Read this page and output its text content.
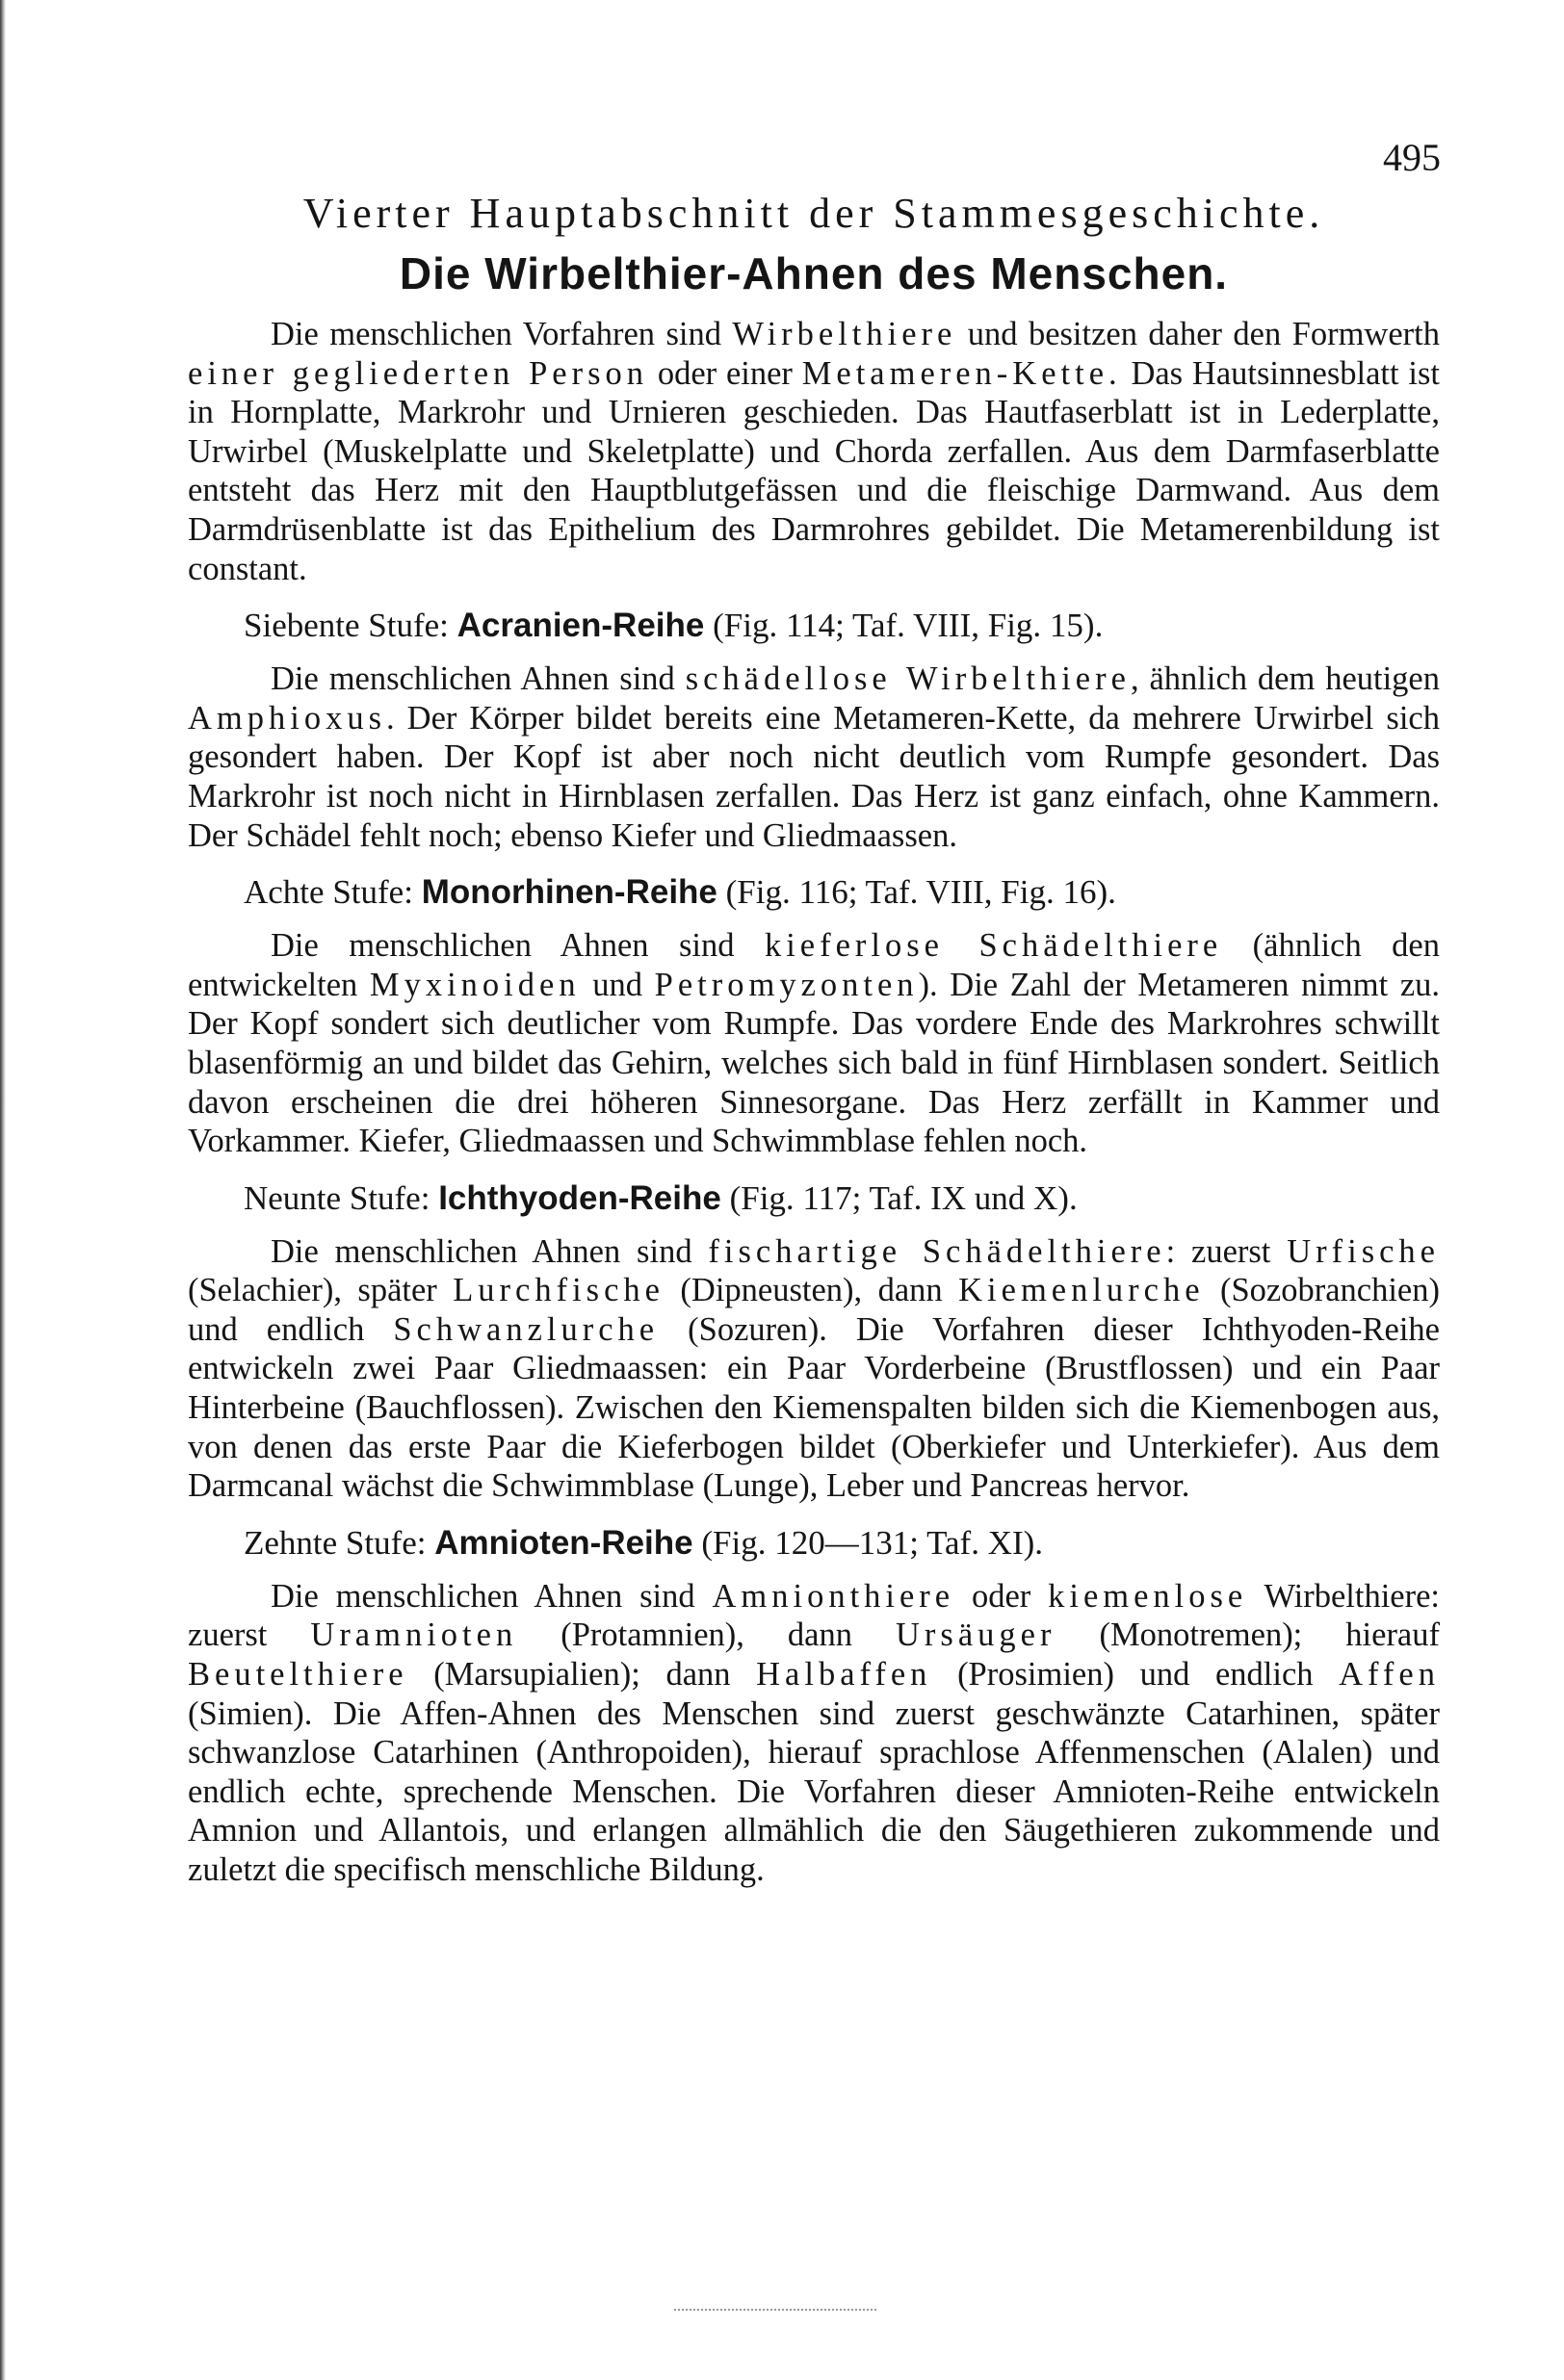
495
Vierter Hauptabschnitt der Stammesgeschichte.
Die Wirbelthier-Ahnen des Menschen.

Die menschlichen Vorfahren sind Wirbelthiere und besitzen daher den Formwerth einer gegliederten Person oder einer Metameren-Kette. Das Hautsinnesblatt ist in Hornplatte, Markrohr und Urnieren geschieden. Das Hautfaserblatt ist in Lederplatte, Urwirbel (Muskelplatte und Skeletplatte) und Chorda zerfallen. Aus dem Darmfaserblatte entsteht das Herz mit den Hauptblutgefässen und die fleischige Darmwand. Aus dem Darmdrüsenblatte ist das Epithelium des Darmrohres gebildet. Die Metamerenbildung ist constant.

Siebente Stufe: Acranien-Reihe (Fig. 114; Taf. VIII, Fig. 15).

Die menschlichen Ahnen sind schädellose Wirbelthiere, ähnlich dem heutigen Amphioxus. Der Körper bildet bereits eine Metameren-Kette, da mehrere Urwirbel sich gesondert haben. Der Kopf ist aber noch nicht deutlich vom Rumpfe gesondert. Das Markrohr ist noch nicht in Hirnblasen zerfallen. Das Herz ist ganz einfach, ohne Kammern. Der Schädel fehlt noch; ebenso Kiefer und Gliedmaassen.

Achte Stufe: Monorhinen-Reihe (Fig. 116; Taf. VIII, Fig. 16).

Die menschlichen Ahnen sind kieferlose Schädelthiere (ähnlich den entwickelten Myxinoiden und Petromyzonten). Die Zahl der Metameren nimmt zu. Der Kopf sondert sich deutlicher vom Rumpfe. Das vordere Ende des Markrohres schwillt blasenförmig an und bildet das Gehirn, welches sich bald in fünf Hirnblasen sondert. Seitlich davon erscheinen die drei höheren Sinnesorgane. Das Herz zerfällt in Kammer und Vorkammer. Kiefer, Gliedmaassen und Schwimmblase fehlen noch.

Neunte Stufe: Ichthyoden-Reihe (Fig. 117; Taf. IX und X).

Die menschlichen Ahnen sind fischartige Schädelthiere: zuerst Urfische (Selachier), später Lurchfische (Dipneusten), dann Kiemenlurche (Sozobranchien) und endlich Schwanzlurche (Sozuren). Die Vorfahren dieser Ichthyoden-Reihe entwickeln zwei Paar Gliedmaassen: ein Paar Vorderbeine (Brustflossen) und ein Paar Hinterbeine (Bauchflossen). Zwischen den Kiemenspalten bilden sich die Kiemenbogen aus, von denen das erste Paar die Kieferbogen bildet (Oberkiefer und Unterkiefer). Aus dem Darmcanal wächst die Schwimmblase (Lunge), Leber und Pancreas hervor.

Zehnte Stufe: Amnioten-Reihe (Fig. 120—131; Taf. XI).

Die menschlichen Ahnen sind Amnionthiere oder kiemenlose Wirbelthiere: zuerst Uramnioten (Protamnien), dann Ursäuger (Monotremen); hierauf Beutelthiere (Marsupialien); dann Halbaffen (Prosimien) und endlich Affen (Simien). Die Affen-Ahnen des Menschen sind zuerst geschwänzte Catarhinen, später schwanzlose Catarhinen (Anthropoiden), hierauf sprachlose Affenmenschen (Alalen) und endlich echte, sprechende Menschen. Die Vorfahren dieser Amnioten-Reihe entwickeln Amnion und Allantois, und erlangen allmählich die den Säugethieren zukommende und zuletzt die specifisch menschliche Bildung.
